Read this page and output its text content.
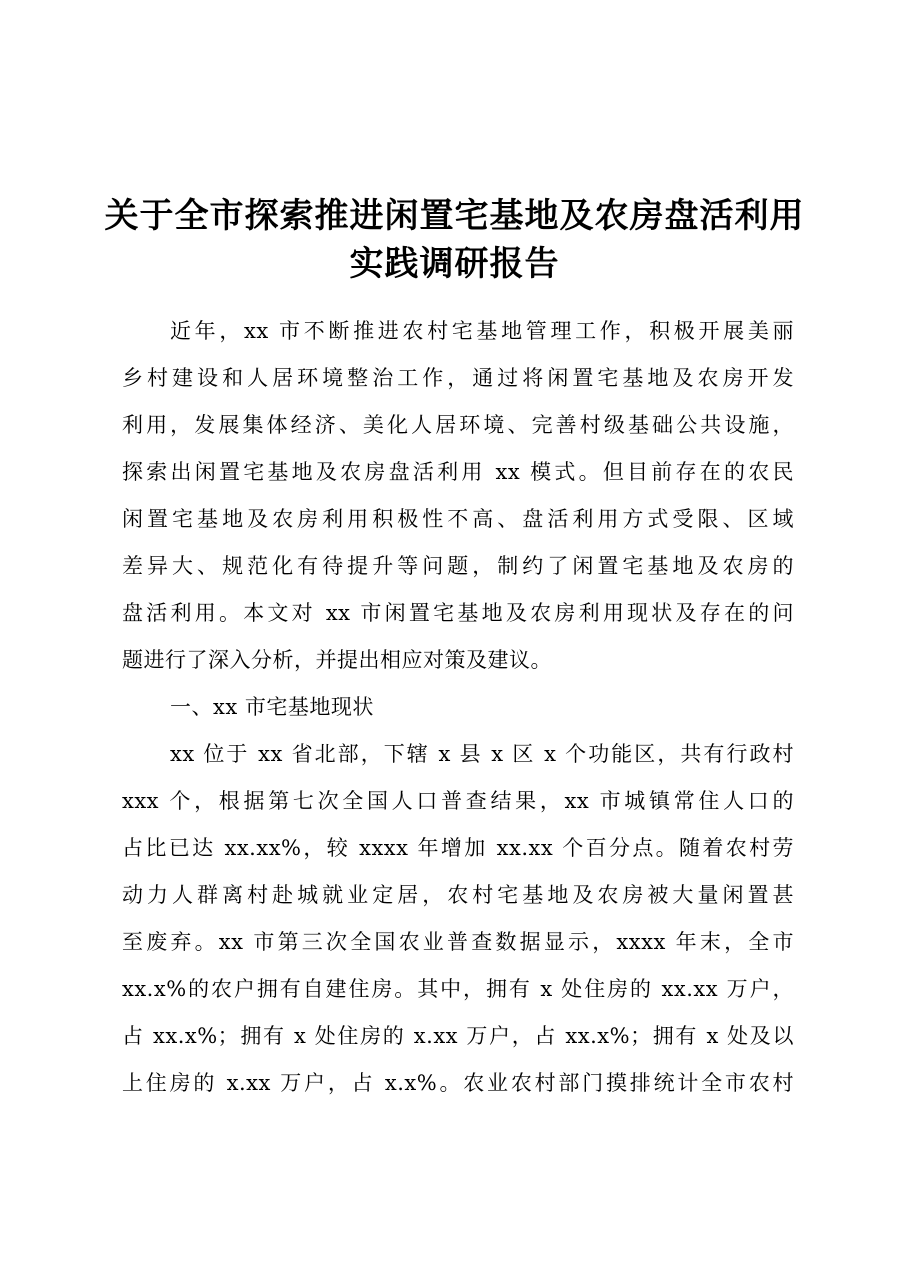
关于全市探索推进闲置宅基地及农房盘活利用
实践调研报告
近年，xx 市不断推进农村宅基地管理工作，积极开展美丽
乡村建设和人居环境整治工作，通过将闲置宅基地及农房开发
利用，发展集体经济、美化人居环境、完善村级基础公共设施，
探索出闲置宅基地及农房盘活利用 xx 模式。但目前存在的农民
闲置宅基地及农房利用积极性不高、盘活利用方式受限、区域
差异大、规范化有待提升等问题，制约了闲置宅基地及农房的
盘活利用。本文对 xx 市闲置宅基地及农房利用现状及存在的问
题进行了深入分析，并提出相应对策及建议。
一、xx 市宅基地现状
xx 位于 xx 省北部，下辖 x 县 x 区 x 个功能区，共有行政村
xxx 个，根据第七次全国人口普查结果，xx 市城镇常住人口的
占比已达 xx.xx%，较 xxxx 年增加 xx.xx 个百分点。随着农村劳
动力人群离村赴城就业定居，农村宅基地及农房被大量闲置甚
至废弃。xx 市第三次全国农业普查数据显示，xxxx 年末，全市
xx.x%的农户拥有自建住房。其中，拥有 x 处住房的 xx.xx 万户，
占 xx.x%；拥有 x 处住房的 x.xx 万户，占 xx.x%；拥有 x 处及以
上住房的 x.xx 万户，占 x.x%。农业农村部门摸排统计全市农村
